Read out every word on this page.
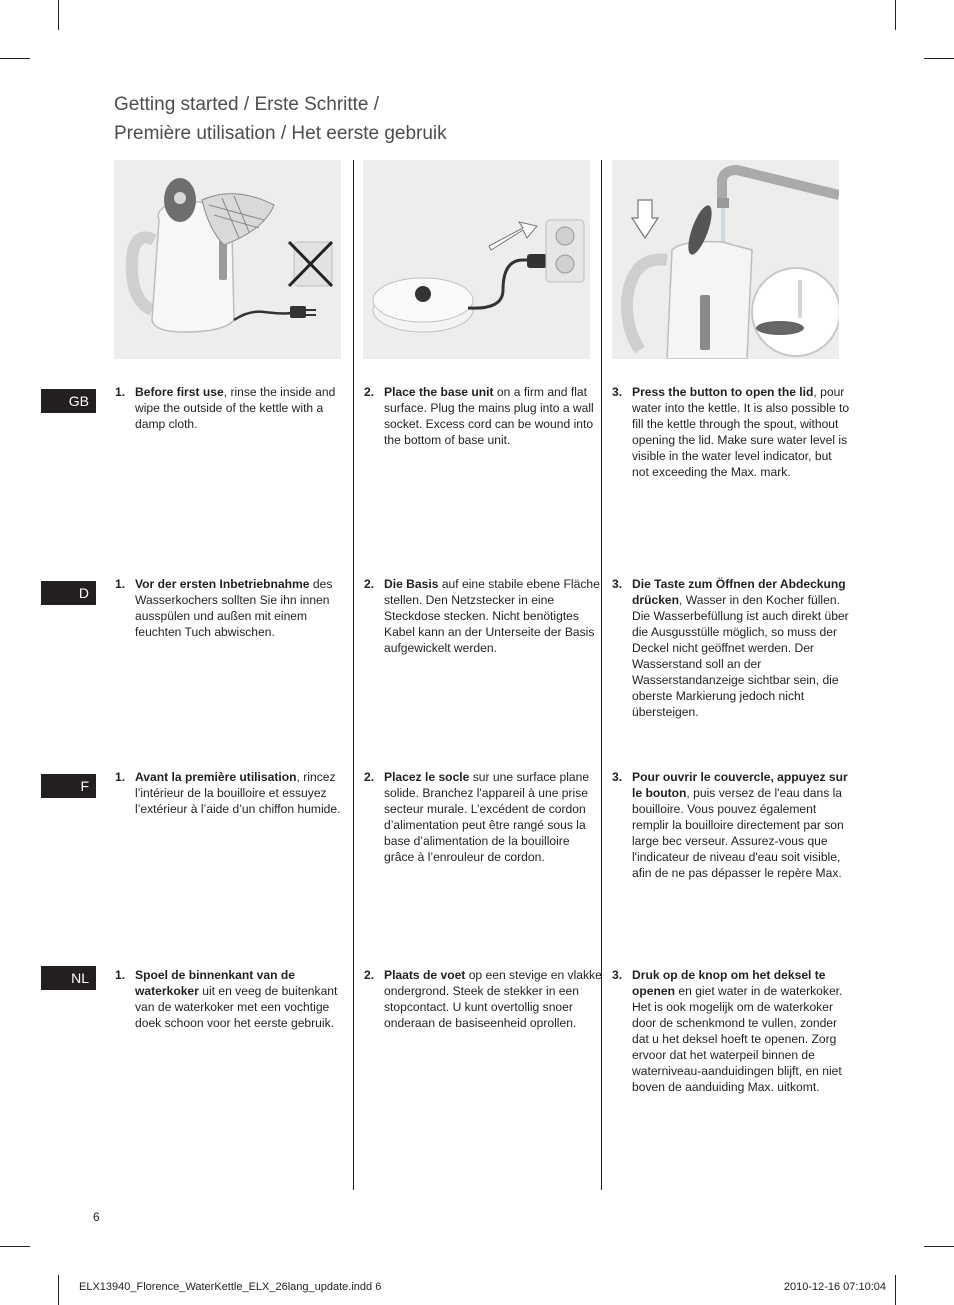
Getting started / Erste Schritte /
Première utilisation / Het eerste gebruik
GB
1. Before first use, rinse the inside and wipe the outside of the kettle with a damp cloth.
2. Place the base unit on a firm and flat surface. Plug the mains plug into a wall socket. Excess cord can be wound into the bottom of base unit.
3. Press the button to open the lid, pour water into the kettle. It is also possible to fill the kettle through the spout, without opening the lid. Make sure water level is visible in the water level indicator, but not exceeding the Max. mark.
D
1. Vor der ersten Inbetriebnahme des Wasserkochers sollten Sie ihn innen ausspülen und außen mit einem feuchten Tuch abwischen.
2. Die Basis auf eine stabile ebene Fläche stellen. Den Netzstecker in eine Steckdose stecken. Nicht benötigtes Kabel kann an der Unterseite der Basis aufgewickelt werden.
3. Die Taste zum Öffnen der Abdeckung drücken, Wasser in den Kocher füllen. Die Wasserbefüllung ist auch direkt über die Ausgusstülle möglich, so muss der Deckel nicht geöffnet werden. Der Wasserstand soll an der Wasserstandanzeige sichtbar sein, die oberste Markierung jedoch nicht übersteigen.
F
1. Avant la première utilisation, rincez l’intérieur de la bouilloire et essuyez l’extérieur à l’aide d’un chiffon humide.
2. Placez le socle sur une surface plane solide. Branchez l'appareil à une prise secteur murale. L’excédent de cordon d’alimentation peut être rangé sous la base d’alimentation de la bouilloire grâce à l’enrouleur de cordon.
3. Pour ouvrir le couvercle, appuyez sur le bouton, puis versez de l'eau dans la bouilloire. Vous pouvez également remplir la bouilloire directement par son large bec verseur. Assurez-vous que l'indicateur de niveau d'eau soit visible, afin de ne pas dépasser le repère Max.
NL	1. Spoel de binnenkant van de waterkoker uit en veeg de buitenkant van de waterkoker met een vochtige doek schoon voor het eerste gebruik.
2. Plaats de voet op een stevige en vlakke ondergrond. Steek de stekker in een stopcontact. U kunt overtollig snoer onderaan de basiseenheid oprollen.
3. Druk op de knop om het deksel te openen en giet water in de waterkoker. Het is ook mogelijk om de waterkoker door de schenkmond te vullen, zonder dat u het deksel hoeft te openen. Zorg ervoor dat het waterpeil binnen de waterniveau-aanduidingen blijft, en niet boven de aanduiding Max. uitkomt.
6
ELX13940_Florence_WaterKettle_ELX_26lang_update.indd 6	2010-12-16 07:10:04
